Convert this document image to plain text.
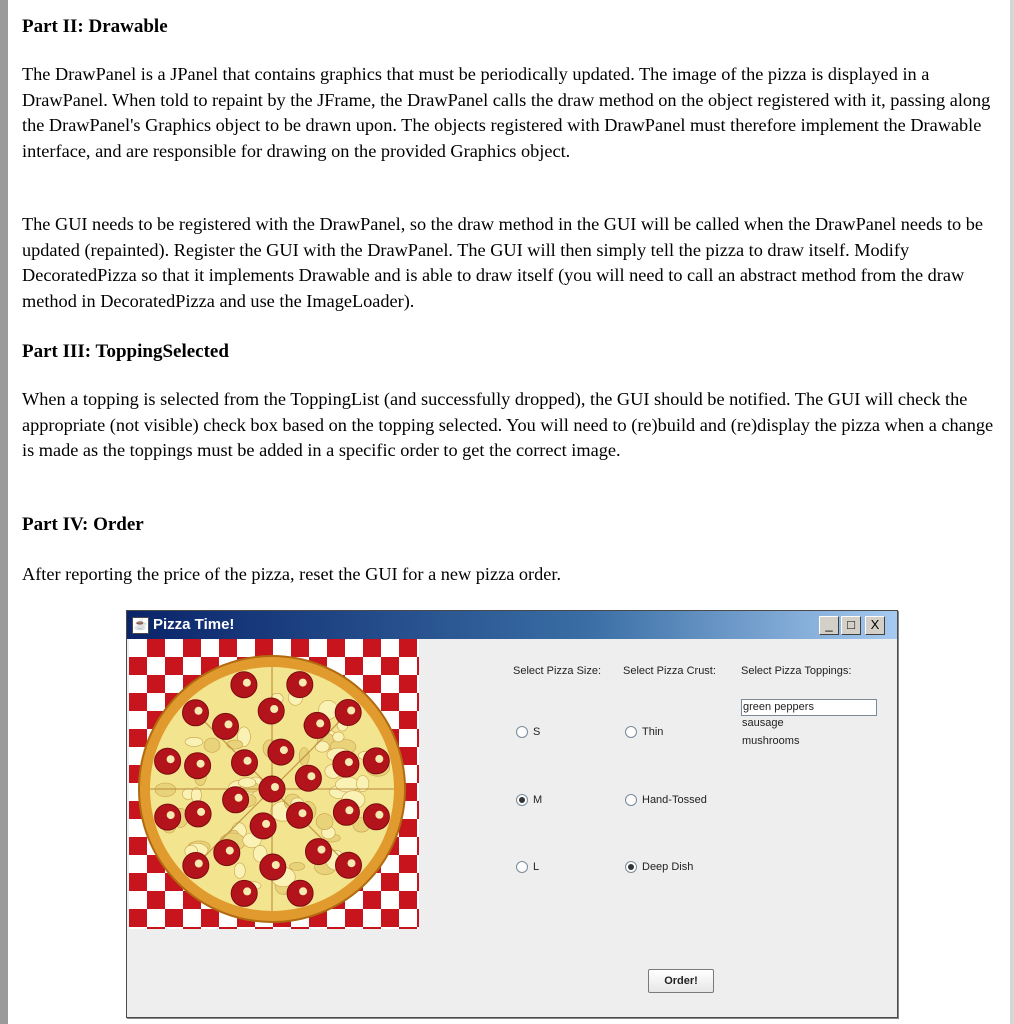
Part II: Drawable

The DrawPanel is a JPanel that contains graphics that must be periodically updated. The image of the pizza is displayed in a DrawPanel. When told to repaint by the JFrame, the DrawPanel calls the draw method on the object registered with it, passing along the DrawPanel's Graphics object to be drawn upon. The objects registered with DrawPanel must therefore implement the Drawable interface, and are responsible for drawing on the provided Graphics object.

The GUI needs to be registered with the DrawPanel, so the draw method in the GUI will be called when the DrawPanel needs to be updated (repainted). Register the GUI with the DrawPanel. The GUI will then simply tell the pizza to draw itself. Modify DecoratedPizza so that it implements Drawable and is able to draw itself (you will need to call an abstract method from the draw method in DecoratedPizza and use the ImageLoader).

Part III: ToppingSelected

When a topping is selected from the ToppingList (and successfully dropped), the GUI should be notified. The GUI will check the appropriate (not visible) check box based on the topping selected. You will need to (re)build and (re)display the pizza when a change is made as the toppings must be added in a specific order to get the correct image.

Part IV: Order

After reporting the price of the pizza, reset the GUI for a new pizza order.

☕ Pizza Time!	_	□	X
Select Pizza Size: Select Pizza Crust: Select Pizza Toppings:
S
M
L
Thin
Hand-Tossed
Deep Dish
green peppers
sausage
mushrooms
Order!
